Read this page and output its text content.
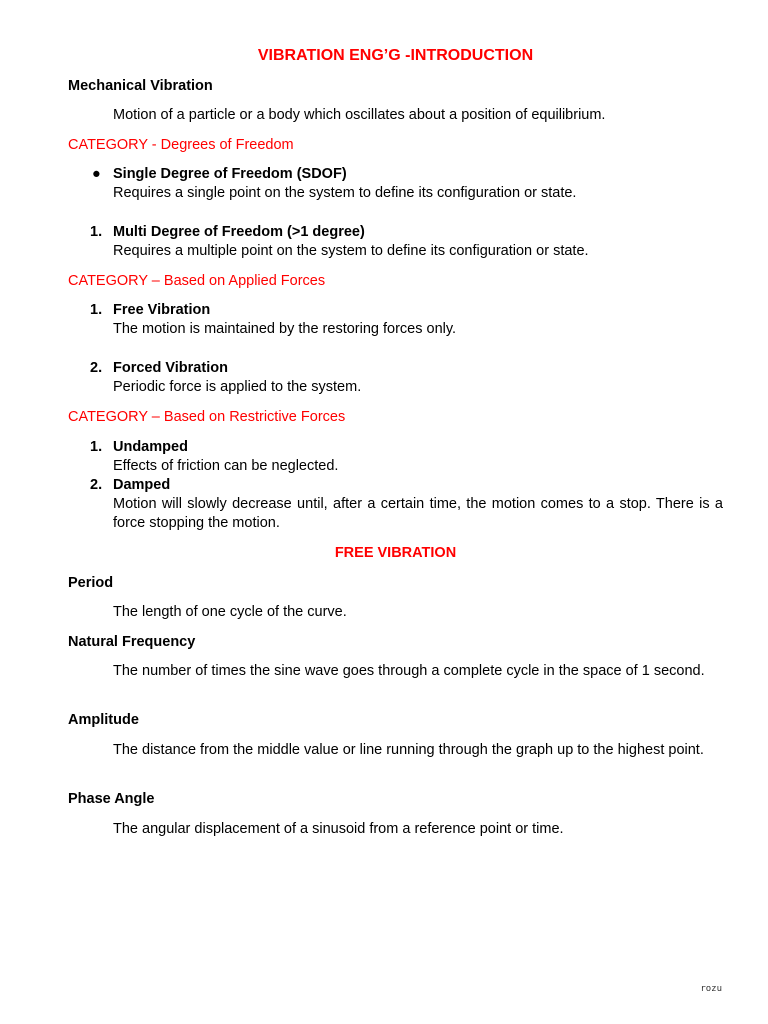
VIBRATION ENG’G -INTRODUCTION
Mechanical Vibration
Motion of a particle or a body which oscillates about a position of equilibrium.
CATEGORY - Degrees of Freedom
● Single Degree of Freedom (SDOF)
Requires a single point on the system to define its configuration or state.
1. Multi Degree of Freedom (>1 degree)
Requires a multiple point on the system to define its configuration or state.
CATEGORY – Based on Applied Forces
1. Free Vibration
The motion is maintained by the restoring forces only.
2. Forced Vibration
Periodic force is applied to the system.
CATEGORY – Based on Restrictive Forces
1. Undamped
Effects of friction can be neglected.
2. Damped
Motion will slowly decrease until, after a certain time, the motion comes to a stop. There is a force stopping the motion.
FREE VIBRATION
Period
The length of one cycle of the curve.
Natural Frequency
The number of times the sine wave goes through a complete cycle in the space of 1 second.
Amplitude
The distance from the middle value or line running through the graph up to the highest point.
Phase Angle
The angular displacement of a sinusoid from a reference point or time.
rozu
